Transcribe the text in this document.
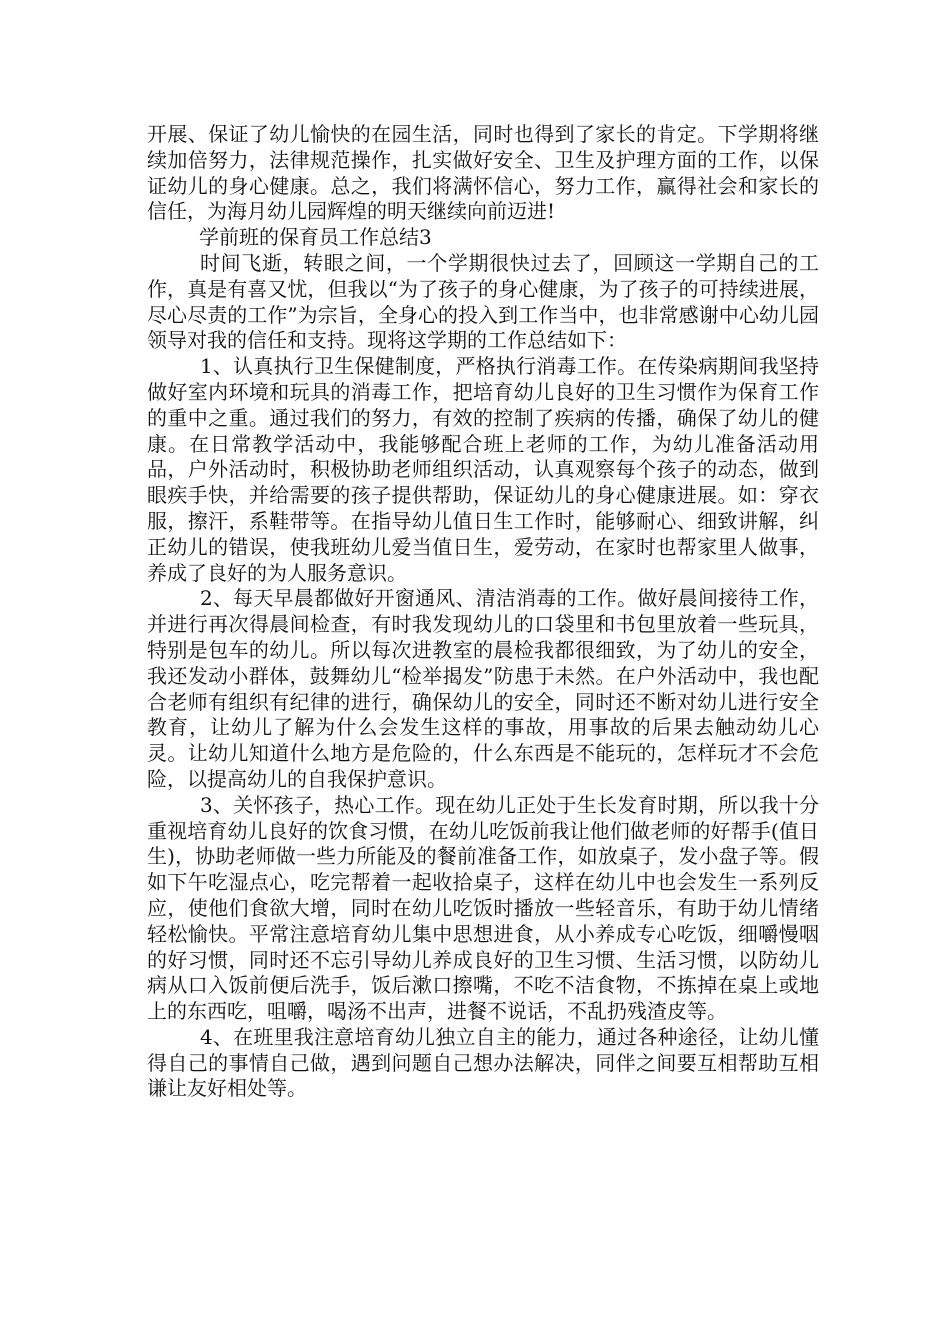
开展、保证了幼儿愉快的在园生活，同时也得到了家长的肯定。下学期将继续加倍努力，法律规范操作，扎实做好安全、卫生及护理方面的工作，以保证幼儿的身心健康。总之，我们将满怀信心，努力工作，赢得社会和家长的信任，为海月幼儿园辉煌的明天继续向前迈进!

学前班的保育员工作总结3

时间飞逝，转眼之间，一个学期很快过去了，回顾这一学期自己的工作，真是有喜又忧，但我以“为了孩子的身心健康，为了孩子的可持续进展，尽心尽责的工作”为宗旨，全身心的投入到工作当中，也非常感谢中心幼儿园领导对我的信任和支持。现将这学期的工作总结如下：

1、认真执行卫生保健制度，严格执行消毒工作。在传染病期间我坚持做好室内环境和玩具的消毒工作，把培育幼儿良好的卫生习惯作为保育工作的重中之重。通过我们的努力，有效的控制了疾病的传播，确保了幼儿的健康。在日常教学活动中，我能够配合班上老师的工作，为幼儿准备活动用品，户外活动时，积极协助老师组织活动，认真观察每个孩子的动态，做到眼疾手快，并给需要的孩子提供帮助，保证幼儿的身心健康进展。如：穿衣服，擦汗，系鞋带等。在指导幼儿值日生工作时，能够耐心、细致讲解，纠正幼儿的错误，使我班幼儿爱当值日生，爱劳动，在家时也帮家里人做事，养成了良好的为人服务意识。

2、每天早晨都做好开窗通风、清洁消毒的工作。做好晨间接待工作，并进行再次得晨间检查，有时我发现幼儿的口袋里和书包里放着一些玩具，特别是包车的幼儿。所以每次进教室的晨检我都很细致，为了幼儿的安全，我还发动小群体，鼓舞幼儿“检举揭发”防患于未然。在户外活动中，我也配合老师有组织有纪律的进行，确保幼儿的安全，同时还不断对幼儿进行安全教育，让幼儿了解为什么会发生这样的事故，用事故的后果去触动幼儿心灵。让幼儿知道什么地方是危险的，什么东西是不能玩的，怎样玩才不会危险，以提高幼儿的自我保护意识。

3、关怀孩子，热心工作。现在幼儿正处于生长发育时期，所以我十分重视培育幼儿良好的饮食习惯，在幼儿吃饭前我让他们做老师的好帮手(值日生)，协助老师做一些力所能及的餐前准备工作，如放桌子，发小盘子等。假如下午吃湿点心，吃完帮着一起收拾桌子，这样在幼儿中也会发生一系列反应，使他们食欲大增，同时在幼儿吃饭时播放一些轻音乐，有助于幼儿情绪轻松愉快。平常注意培育幼儿集中思想进食，从小养成专心吃饭，细嚼慢咽的好习惯，同时还不忘引导幼儿养成良好的卫生习惯、生活习惯，以防幼儿病从口入饭前便后洗手，饭后漱口擦嘴，不吃不洁食物，不拣掉在桌上或地上的东西吃，咀嚼，喝汤不出声，进餐不说话，不乱扔残渣皮等。

4、在班里我注意培育幼儿独立自主的能力，通过各种途径，让幼儿懂得自己的事情自己做，遇到问题自己想办法解决，同伴之间要互相帮助互相谦让友好相处等。
